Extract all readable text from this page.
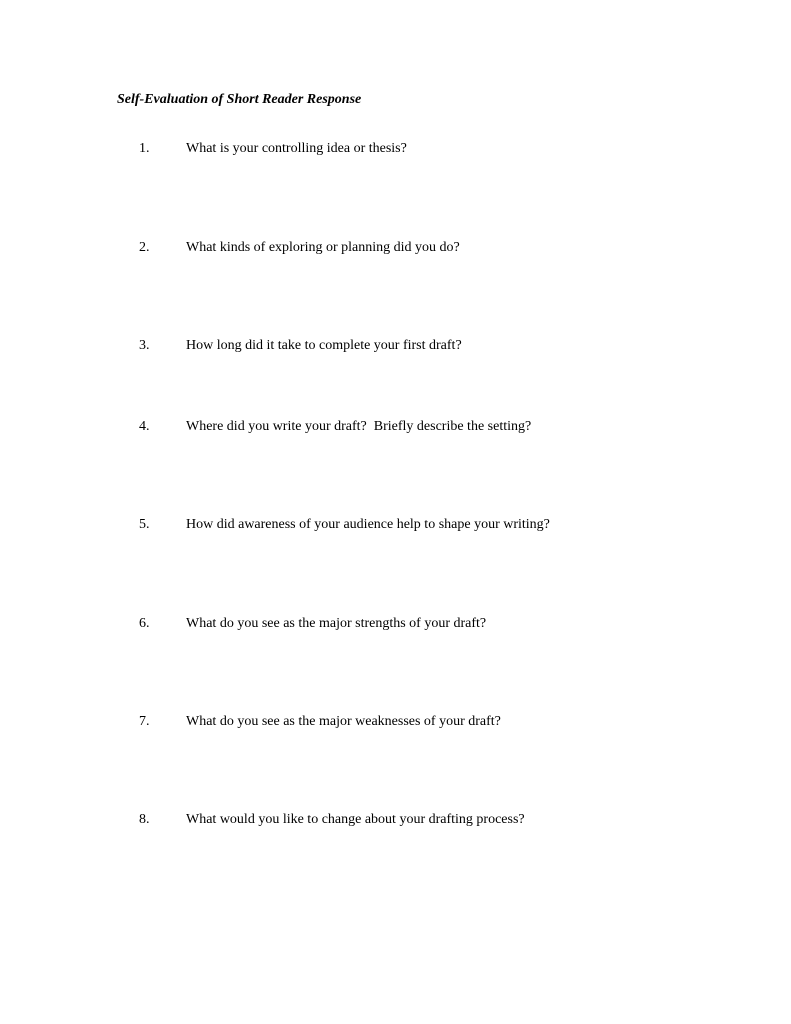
Self-Evaluation of Short Reader Response
1.	What is your controlling idea or thesis?
2.	What kinds of exploring or planning did you do?
3.	How long did it take to complete your first draft?
4.	Where did you write your draft?  Briefly describe the setting?
5.	How did awareness of your audience help to shape your writing?
6.	What do you see as the major strengths of your draft?
7.	What do you see as the major weaknesses of your draft?
8.	What would you like to change about your drafting process?
